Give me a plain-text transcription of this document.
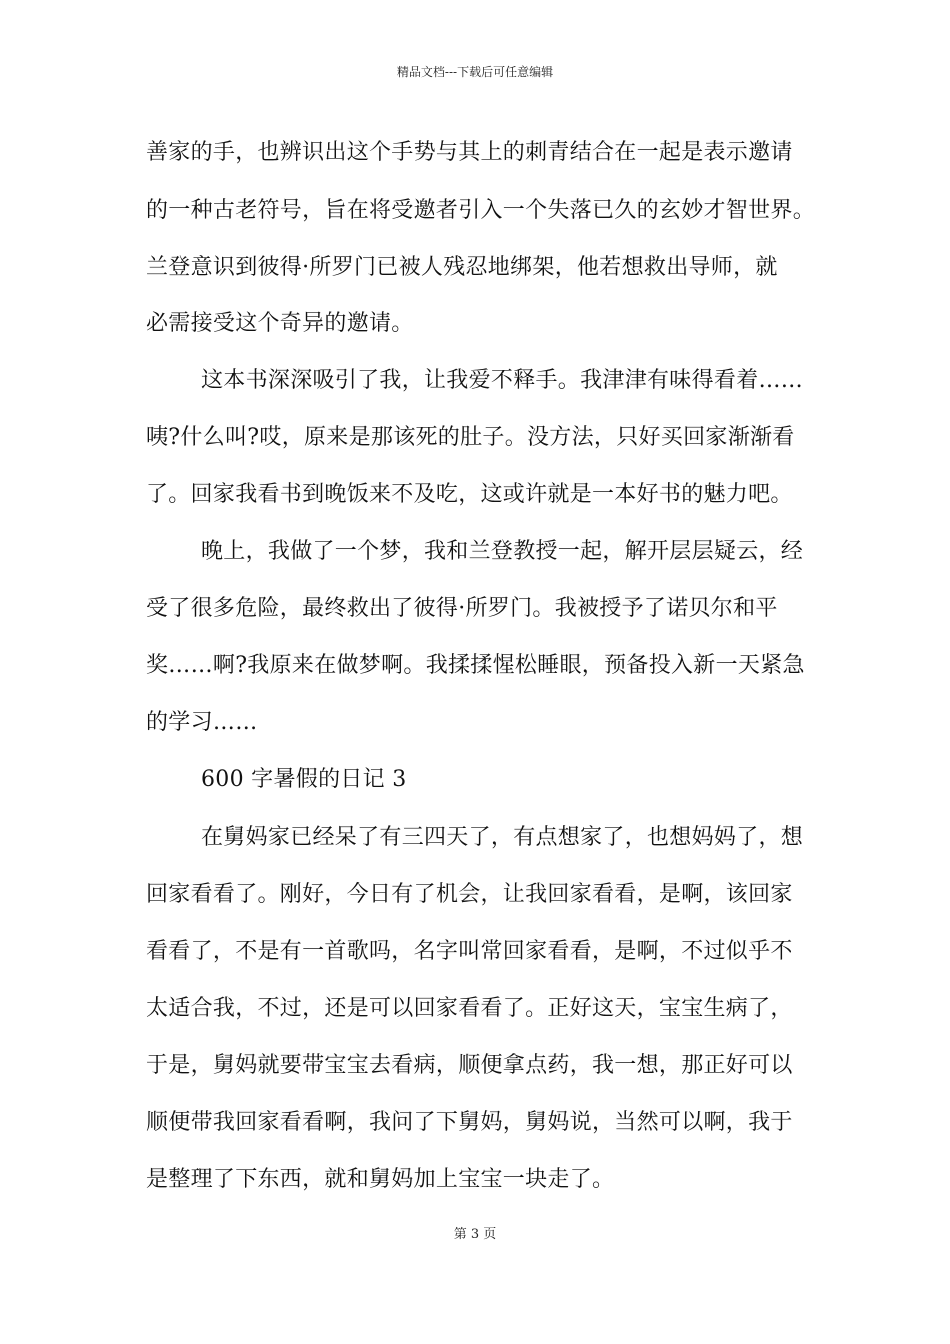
精品文档---下载后可任意编辑
善家的手，也辨识出这个手势与其上的刺青结合在一起是表示邀请
的一种古老符号，旨在将受邀者引入一个失落已久的玄妙才智世界。
兰登意识到彼得·所罗门已被人残忍地绑架，他若想救出导师，就
必需接受这个奇异的邀请。
这本书深深吸引了我，让我爱不释手。我津津有味得看着……
咦?什么叫?哎，原来是那该死的肚子。没方法，只好买回家渐渐看
了。回家我看书到晚饭来不及吃，这或许就是一本好书的魅力吧。
晚上，我做了一个梦，我和兰登教授一起，解开层层疑云，经
受了很多危险，最终救出了彼得·所罗门。我被授予了诺贝尔和平
奖……啊?我原来在做梦啊。我揉揉惺松睡眼，预备投入新一天紧急
的学习……
600 字暑假的日记 3
在舅妈家已经呆了有三四天了，有点想家了，也想妈妈了，想
回家看看了。刚好，今日有了机会，让我回家看看，是啊，该回家
看看了，不是有一首歌吗，名字叫常回家看看，是啊，不过似乎不
太适合我，不过，还是可以回家看看了。正好这天，宝宝生病了，
于是，舅妈就要带宝宝去看病，顺便拿点药，我一想，那正好可以
顺便带我回家看看啊，我问了下舅妈，舅妈说，当然可以啊，我于
是整理了下东西，就和舅妈加上宝宝一块走了。
第 3 页
